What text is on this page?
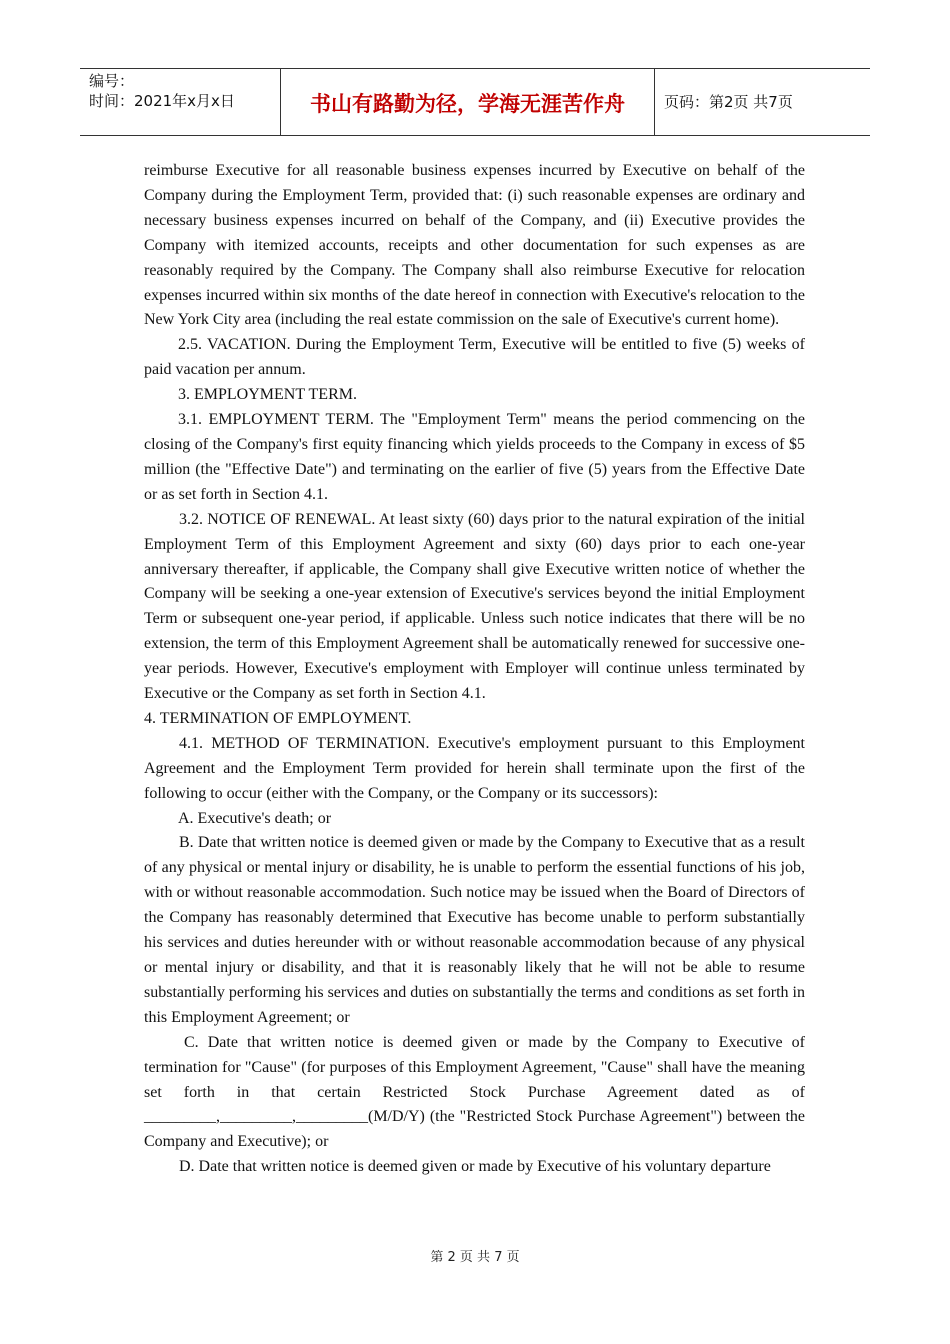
编号：
时间：2021年x月x日	书山有路勤为径，学海无涯苦作舟	页码：第2页 共7页

reimburse Executive for all reasonable business expenses incurred by Executive on behalf of the Company during the Employment Term, provided that: (i) such reasonable expenses are ordinary and necessary business expenses incurred on behalf of the Company, and (ii) Executive provides the Company with itemized accounts, receipts and other documentation for such expenses as are reasonably required by the Company. The Company shall also reimburse Executive for relocation expenses incurred within six months of the date hereof in connection with Executive's relocation to the New York City area (including the real estate commission on the sale of Executive's current home).

2.5. VACATION. During the Employment Term, Executive will be entitled to five (5) weeks of paid vacation per annum.

3. EMPLOYMENT TERM.

3.1. EMPLOYMENT TERM. The "Employment Term" means the period commencing on the closing of the Company's first equity financing which yields proceeds to the Company in excess of $5 million (the "Effective Date") and terminating on the earlier of five (5) years from the Effective Date or as set forth in Section 4.1.

3.2. NOTICE OF RENEWAL. At least sixty (60) days prior to the natural expiration of the initial Employment Term of this Employment Agreement and sixty (60) days prior to each one-year anniversary thereafter, if applicable, the Company shall give Executive written notice of whether the Company will be seeking a one-year extension of Executive's services beyond the initial Employment Term or subsequent one-year period, if applicable. Unless such notice indicates that there will be no extension, the term of this Employment Agreement shall be automatically renewed for successive one-year periods. However, Executive's employment with Employer will continue unless terminated by Executive or the Company as set forth in Section 4.1.

4. TERMINATION OF EMPLOYMENT.

4.1. METHOD OF TERMINATION. Executive's employment pursuant to this Employment Agreement and the Employment Term provided for herein shall terminate upon the first of the following to occur (either with the Company, or the Company or its successors):

A. Executive's death; or

B. Date that written notice is deemed given or made by the Company to Executive that as a result of any physical or mental injury or disability, he is unable to perform the essential functions of his job, with or without reasonable accommodation. Such notice may be issued when the Board of Directors of the Company has reasonably determined that Executive has become unable to perform substantially his services and duties hereunder with or without reasonable accommodation because of any physical or mental injury or disability, and that it is reasonably likely that he will not be able to resume substantially performing his services and duties on substantially the terms and conditions as set forth in this Employment Agreement; or

C. Date that written notice is deemed given or made by the Company to Executive of termination for "Cause" (for purposes of this Employment Agreement, "Cause" shall have the meaning set forth in that certain Restricted Stock Purchase Agreement dated as of _________,_________,_________(M/D/Y) (the "Restricted Stock Purchase Agreement") between the Company and Executive); or

D. Date that written notice is deemed given or made by Executive of his voluntary departure

第 2 页 共 7 页
